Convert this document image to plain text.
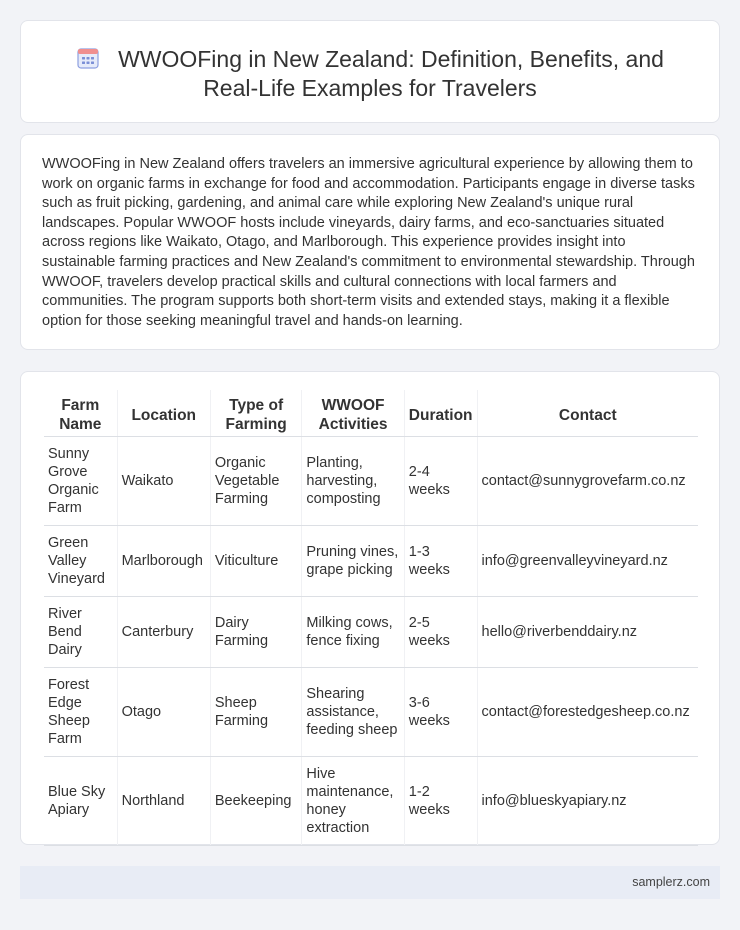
WWOOFing in New Zealand: Definition, Benefits, and
Real-Life Examples for Travelers

WWOOFing in New Zealand offers travelers an immersive agricultural experience by allowing them to work on organic farms in exchange for food and accommodation. Participants engage in diverse tasks such as fruit picking, gardening, and animal care while exploring New Zealand's unique rural landscapes. Popular WWOOF hosts include vineyards, dairy farms, and eco-sanctuaries situated across regions like Waikato, Otago, and Marlborough. This experience provides insight into sustainable farming practices and New Zealand's commitment to environmental stewardship. Through WWOOF, travelers develop practical skills and cultural connections with local farmers and communities. The program supports both short-term visits and extended stays, making it a flexible option for those seeking meaningful travel and hands-on learning.

Farm Name	Location	Type of Farming	WWOOF Activities	Duration	Contact
Sunny Grove Organic Farm	Waikato	Organic Vegetable Farming	Planting, harvesting, composting	2-4 weeks	contact@sunnygrovefarm.co.nz
Green Valley Vineyard	Marlborough	Viticulture	Pruning vines, grape picking	1-3 weeks	info@greenvalleyvineyard.nz
River Bend Dairy	Canterbury	Dairy Farming	Milking cows, fence fixing	2-5 weeks	hello@riverbenddairy.nz
Forest Edge Sheep Farm	Otago	Sheep Farming	Shearing assistance, feeding sheep	3-6 weeks	contact@forestedgesheep.co.nz
Blue Sky Apiary	Northland	Beekeeping	Hive maintenance, honey extraction	1-2 weeks	info@blueskyapiary.nz
samplerz.com
